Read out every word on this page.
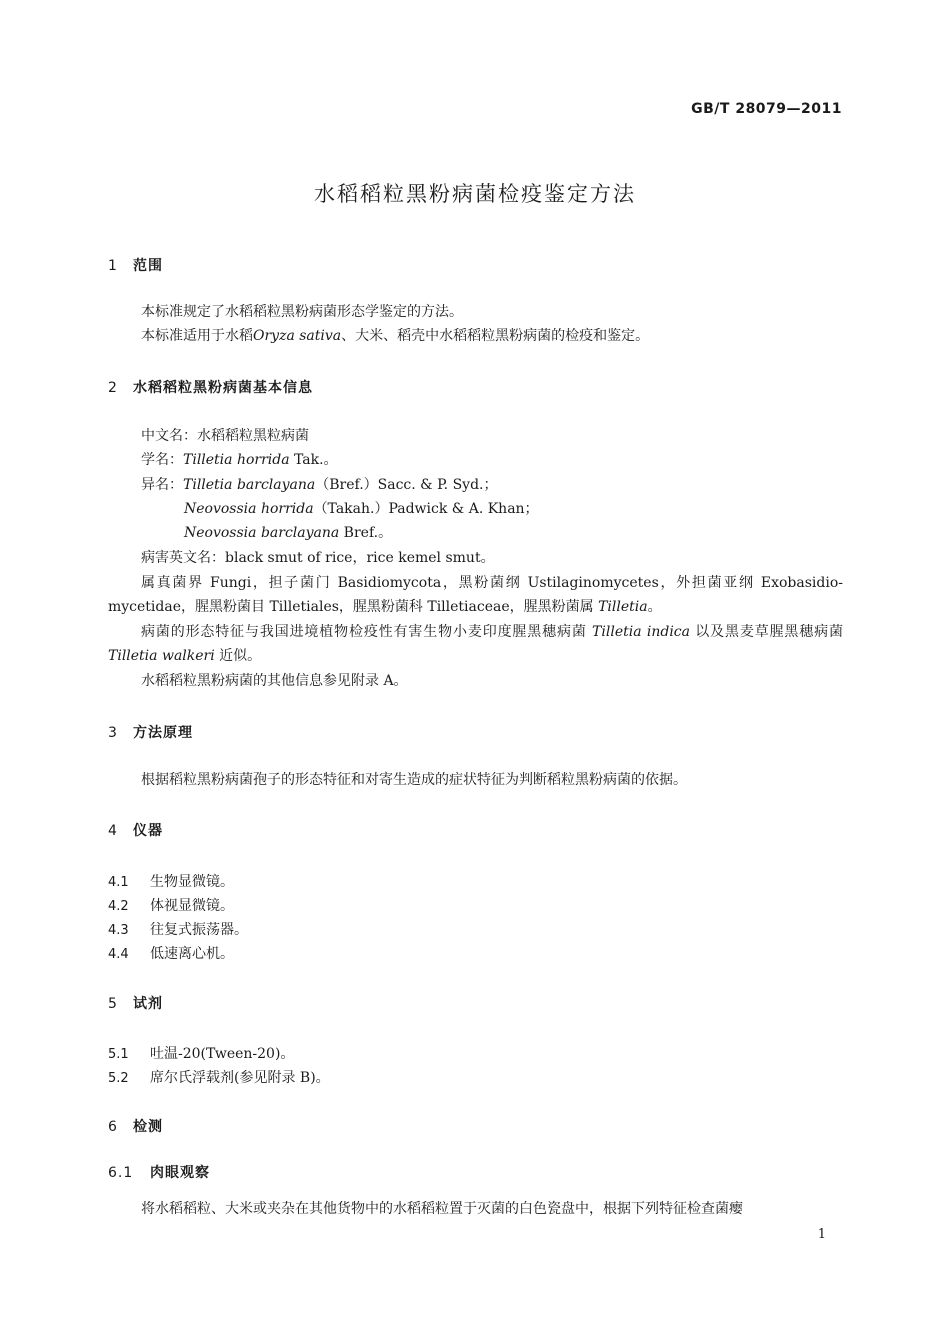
GB/T 28079—2011
水稻稻粒黑粉病菌检疫鉴定方法
1 范围
本标准规定了水稻稻粒黑粉病菌形态学鉴定的方法。
本标准适用于水稻Oryza sativa、大米、稻壳中水稻稻粒黑粉病菌的检疫和鉴定。
2 水稻稻粒黑粉病菌基本信息
中文名：水稻稻粒黑粒病菌
学名：Tilletia horrida Tak.。
异名：Tilletia barclayana（Bref.）Sacc. & P. Syd.；
Neovossia horrida（Takah.）Padwick & A. Khan；
Neovossia barclayana Bref.。
病害英文名：black smut of rice，rice kemel smut。
属真菌界 Fungi，担子菌门 Basidiomycota，黑粉菌纲 Ustilaginomycetes，外担菌亚纲 Exobasidio-mycetidae，腥黑粉菌目 Tilletiales，腥黑粉菌科 Tilletiaceae，腥黑粉菌属 Tilletia。
病菌的形态特征与我国进境植物检疫性有害生物小麦印度腥黑穗病菌 Tilletia indica 以及黑麦草腥黑穗病菌 Tilletia walkeri 近似。
水稻稻粒黑粉病菌的其他信息参见附录 A。
3 方法原理
根据稻粒黑粉病菌孢子的形态特征和对寄生造成的症状特征为判断稻粒黑粉病菌的依据。
4 仪器
4.1 生物显微镜。
4.2 体视显微镜。
4.3 往复式振荡器。
4.4 低速离心机。
5 试剂
5.1 吐温-20(Tween-20)。
5.2 席尔氏浮载剂(参见附录 B)。
6 检测
6.1 肉眼观察
将水稻稻粒、大米或夹杂在其他货物中的水稻稻粒置于灭菌的白色瓷盘中，根据下列特征检查菌瘿
1
